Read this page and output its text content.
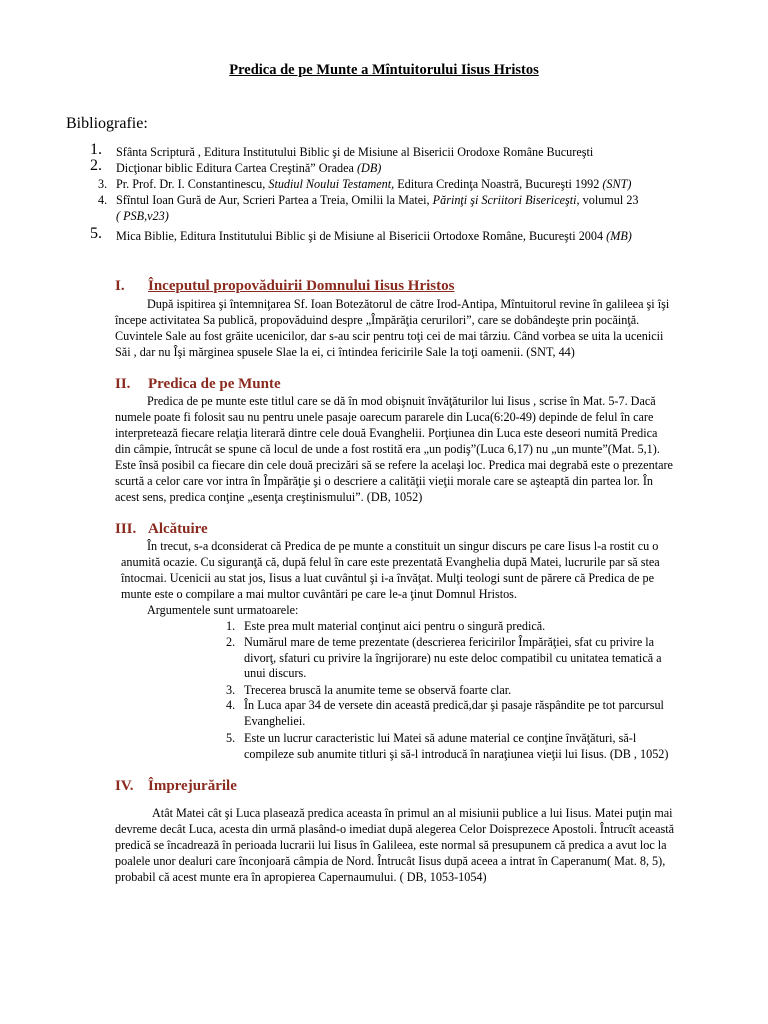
Predica de pe Munte a Mîntuitorului Iisus Hristos
Bibliografie:
1.	Sfânta Scriptură , Editura Institutului Biblic şi de Misiune al Bisericii Orodoxe Române Bucureşti
2.	Dicţionar biblic Editura Cartea Creştină” Oradea (DB)
3. Pr. Prof. Dr. I. Constantinescu, Studiul Noului Testament, Editura Credinţa Noastră, Bucureşti 1992 (SNT)
4. Sfîntul Ioan Gură de Aur, Scrieri Partea a Treia, Omilii la Matei, Părinţi şi Scriitori Bisericeşti, volumul 23
( PSB,v23)
5.	Mica Biblie, Editura Institutului Biblic şi de Misiune al Bisericii Ortodoxe Române, Bucureşti 2004 (MB)
I. Începutul propovăduirii Domnului Iisus Hristos
După ispitirea şi întemniţarea Sf. Ioan Botezătorul de către Irod-Antipa, Mîntuitorul revine în galileea şi îşi
începe activitatea Sa publică, propovăduind despre „Împărăţia cerurilori”, care se dobândeşte prin pocăinţă.
Cuvintele Sale au fost grăite ucenicilor, dar s-au scir pentru toţi cei de mai târziu. Când vorbea se uita la ucenicii
Săi , dar nu Îşi mărginea spusele Slae la ei, ci întindea fericirile Sale la toţi oamenii. (SNT, 44)
II. Predica de pe Munte
Predica de pe munte este titlul care se dă în mod obişnuit învăţăturilor lui Iisus , scrise în Mat. 5-7. Dacă
numele poate fi folosit sau nu pentru unele pasaje oarecum pararele din Luca(6:20-49) depinde de felul în care
interpretează fiecare relaţia literară dintre cele două Evanghelii. Porţiunea din Luca este deseori numită Predica
din câmpie, întrucât se spune că locul de unde a fost rostită era „un podiş”(Luca 6,17) nu „un munte”(Mat. 5,1).
Este însă posibil ca fiecare din cele două precizări să se refere la acelaşi loc. Predica mai degrabă este o prezentare
scurtă a celor care vor intra în Împărăţie şi o descriere a calităţii vieţii morale care se aşteaptă din partea lor. În
acest sens, predica conţine „esenţa creştinismului”. (DB, 1052)
III. Alcătuire
În trecut, s-a dconsiderat că Predica de pe munte a constituit un singur discurs pe care Iisus l-a rostit cu o
anumită ocazie. Cu siguranţă că, după felul în care este prezentată Evanghelia după Matei, lucrurile par să stea
întocmai. Ucenicii au stat jos, Iisus a luat cuvântul şi i-a învăţat. Mulţi teologi sunt de părere că Predica de pe
munte este o compilare a mai multor cuvântări pe care le-a ţinut Domnul Hristos.
Argumentele sunt urmatoarele:
1. Este prea mult material conţinut aici pentru o singură predică.
2. Numărul mare de teme prezentate (descrierea fericirilor Împărăţiei, sfat cu privire la
divorţ, sfaturi cu privire la îngrijorare) nu este deloc compatibil cu unitatea tematică a
unui discurs.
3. Trecerea bruscă la anumite teme se observă foarte clar.
4. În Luca apar 34 de versete din această predică,dar şi pasaje răspândite pe tot parcursul
Evangheliei.
5. Este un lucrur caracteristic lui Matei să adune material ce conţine învăţături, să-l
compileze sub anumite titluri şi să-l introducă în naraţiunea vieţii lui Iisus. (DB , 1052)
IV. Împrejurările
Atât Matei cât şi Luca plasează predica aceasta în primul an al misiunii publice a lui Iisus. Matei puţin mai
devreme decât Luca, acesta din urmă plasând-o imediat după alegerea Celor Doisprezece Apostoli. Întrucît această
predică se încadrează în perioada lucrarii lui Iisus în Galileea, este normal să presupunem că predica a avut loc la
poalele unor dealuri care înconjoară câmpia de Nord. Întrucât Iisus după aceea a intrat în Caperanum( Mat. 8, 5),
probabil că acest munte era în apropierea Capernaumului. ( DB, 1053-1054)
